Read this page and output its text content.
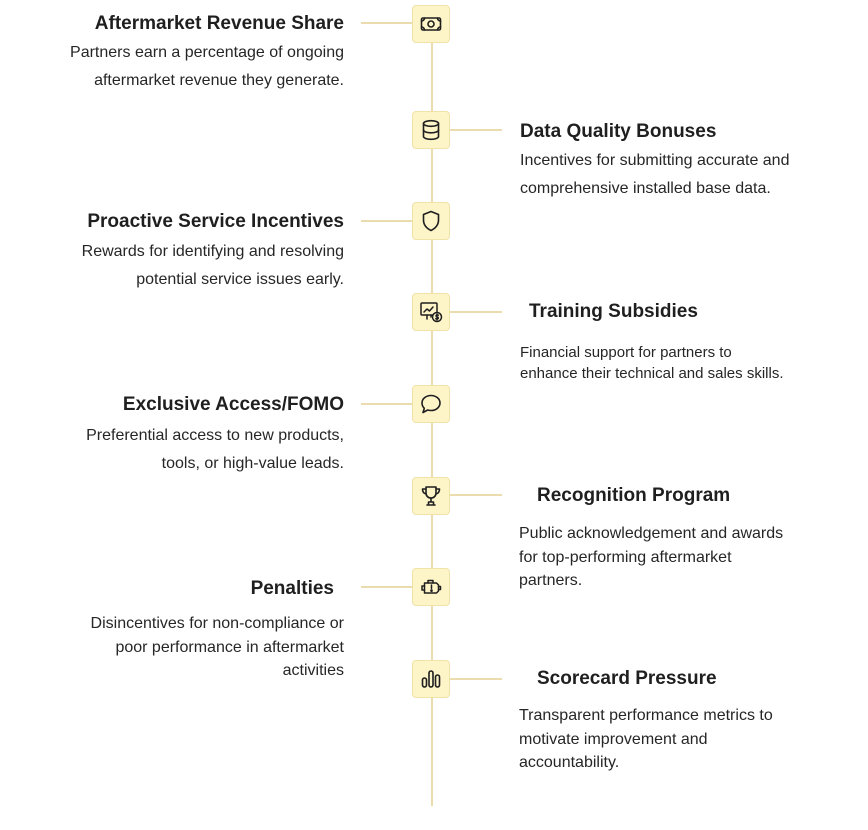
Aftermarket Revenue Share
Partners earn a percentage of ongoing
aftermarket revenue they generate.
Data Quality Bonuses
Incentives for submitting accurate and
comprehensive installed base data.
Proactive Service Incentives
Rewards for identifying and resolving
potential service issues early.
Training Subsidies
Financial support for partners to
enhance their technical and sales skills.
Exclusive Access/FOMO
Preferential access to new products,
tools, or high-value leads.
Recognition Program
Public acknowledgement and awards
for top-performing aftermarket
partners.
Penalties
Disincentives for non-compliance or
poor performance in aftermarket
activities	Scorecard Pressure
Transparent performance metrics to
motivate improvement and
accountability.
